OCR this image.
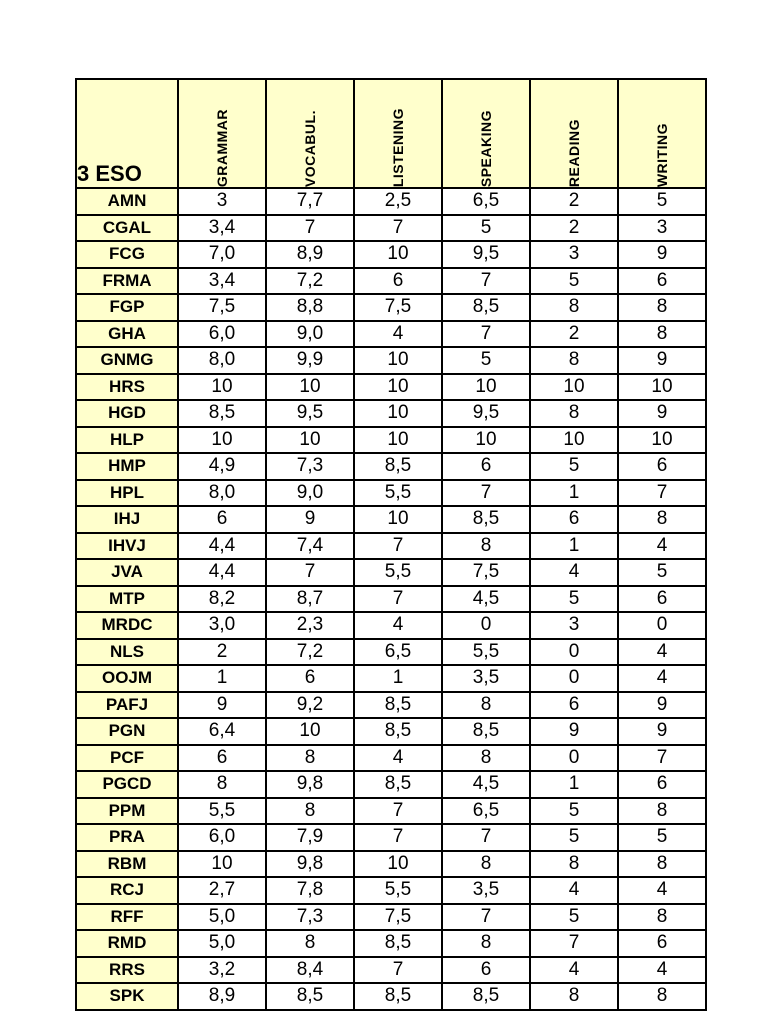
3 ESO	GRAMMAR	VOCABUL.	LISTENING	SPEAKING	READING	WRITING

AMN	3	7,7	2,5	6,5	2	5
CGAL	3,4	7	7	5	2	3
FCG	7,0	8,9	10	9,5	3	9
FRMA	3,4	7,2	6	7	5	6
FGP	7,5	8,8	7,5	8,5	8	8
GHA	6,0	9,0	4	7	2	8
GNMG	8,0	9,9	10	5	8	9
HRS	10	10	10	10	10	10
HGD	8,5	9,5	10	9,5	8	9
HLP	10	10	10	10	10	10
HMP	4,9	7,3	8,5	6	5	6
HPL	8,0	9,0	5,5	7	1	7
IHJ	6	9	10	8,5	6	8
IHVJ	4,4	7,4	7	8	1	4
JVA	4,4	7	5,5	7,5	4	5
MTP	8,2	8,7	7	4,5	5	6
MRDC	3,0	2,3	4	0	3	0
NLS	2	7,2	6,5	5,5	0	4
OOJM	1	6	1	3,5	0	4
PAFJ	9	9,2	8,5	8	6	9
PGN	6,4	10	8,5	8,5	9	9
PCF	6	8	4	8	0	7
PGCD	8	9,8	8,5	4,5	1	6
PPM	5,5	8	7	6,5	5	8
PRA	6,0	7,9	7	7	5	5
RBM	10	9,8	10	8	8	8
RCJ	2,7	7,8	5,5	3,5	4	4
RFF	5,0	7,3	7,5	7	5	8
RMD	5,0	8	8,5	8	7	6
RRS	3,2	8,4	7	6	4	4
SPK	8,9	8,5	8,5	8,5	8	8
